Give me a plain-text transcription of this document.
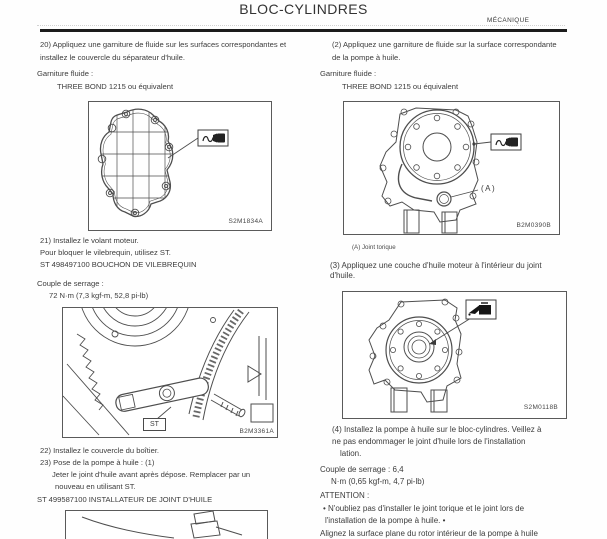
BLOC-CYLINDRES
MÉCANIQUE
20) Appliquez une garniture de fluide sur les surfaces correspondantes et
installez le couvercle du séparateur d'huile.
Garniture fluide :
THREE BOND 1215 ou équivalent
S2M1834A
21) Installez le volant moteur.
Pour bloquer le vilebrequin, utilisez ST.
ST 498497100 BOUCHON DE VILEBREQUIN
Couple de serrage :
72 N·m (7,3 kgf-m, 52,8 pi-lb)
ST
B2M3361A
22) Installez le couvercle du boîtier.
23) Pose de la pompe à huile : (1)
Jeter le joint d'huile avant après dépose. Remplacer par un
nouveau en utilisant ST.
ST 499587100 INSTALLATEUR DE JOINT D'HUILE
(2) Appliquez une garniture de fluide sur la surface correspondante
de la pompe à huile.
Garniture fluide :
THREE BOND 1215 ou équivalent
(A)
B2M0390B
(A) Joint torique
(3) Appliquez une couche d'huile moteur à l'intérieur du joint
d'huile.
S2M0118B
(4) Installez la pompe à huile sur le bloc-cylindres. Veillez à
ne pas endommager le joint d'huile lors de l'installation
lation.
Couple de serrage : 6,4
N·m (0,65 kgf-m, 4,7 pi-lb)
ATTENTION :
• N'oubliez pas d'installer le joint torique et le joint lors de
l'installation de la pompe à huile. •
Alignez la surface plane du rotor intérieur de la pompe à huile
